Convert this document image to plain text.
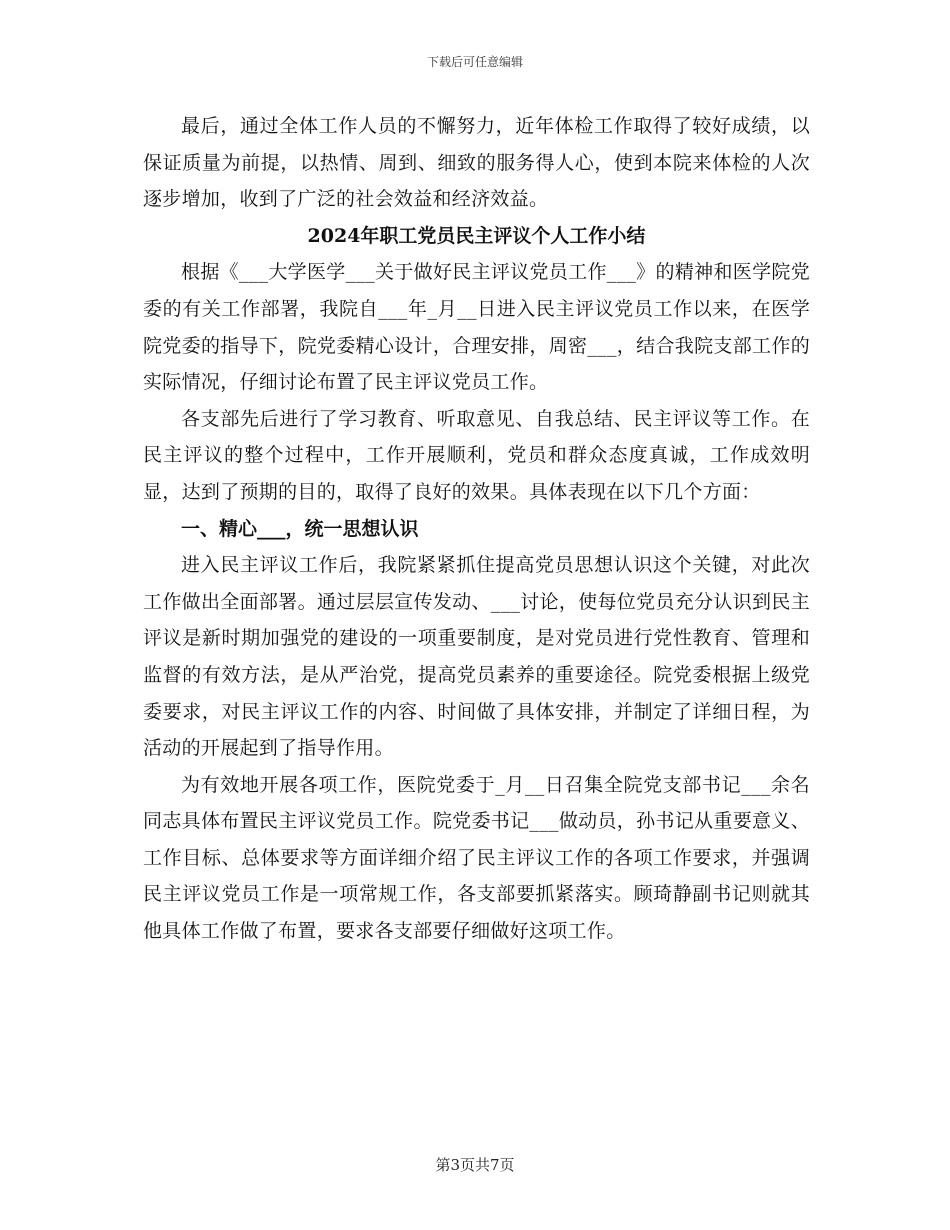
下载后可任意编辑

最后，通过全体工作人员的不懈努力，近年体检工作取得了较好成绩，以保证质量为前提，以热情、周到、细致的服务得人心，使到本院来体检的人次逐步增加，收到了广泛的社会效益和经济效益。

2024年职工党员民主评议个人工作小结

根据《___大学医学___关于做好民主评议党员工作___》的精神和医学院党委的有关工作部署，我院自___年_月__日进入民主评议党员工作以来，在医学院党委的指导下，院党委精心设计，合理安排，周密___，结合我院支部工作的实际情况，仔细讨论布置了民主评议党员工作。

各支部先后进行了学习教育、听取意见、自我总结、民主评议等工作。在民主评议的整个过程中，工作开展顺利，党员和群众态度真诚，工作成效明显，达到了预期的目的，取得了良好的效果。具体表现在以下几个方面：

一、精心___，统一思想认识

进入民主评议工作后，我院紧紧抓住提高党员思想认识这个关键，对此次工作做出全面部署。通过层层宣传发动、___讨论，使每位党员充分认识到民主评议是新时期加强党的建设的一项重要制度，是对党员进行党性教育、管理和监督的有效方法，是从严治党，提高党员素养的重要途径。院党委根据上级党委要求，对民主评议工作的内容、时间做了具体安排，并制定了详细日程，为活动的开展起到了指导作用。

为有效地开展各项工作，医院党委于_月__日召集全院党支部书记___余名同志具体布置民主评议党员工作。院党委书记___做动员，孙书记从重要意义、工作目标、总体要求等方面详细介绍了民主评议工作的各项工作要求，并强调民主评议党员工作是一项常规工作，各支部要抓紧落实。顾琦静副书记则就其他具体工作做了布置，要求各支部要仔细做好这项工作。

第3页共7页
